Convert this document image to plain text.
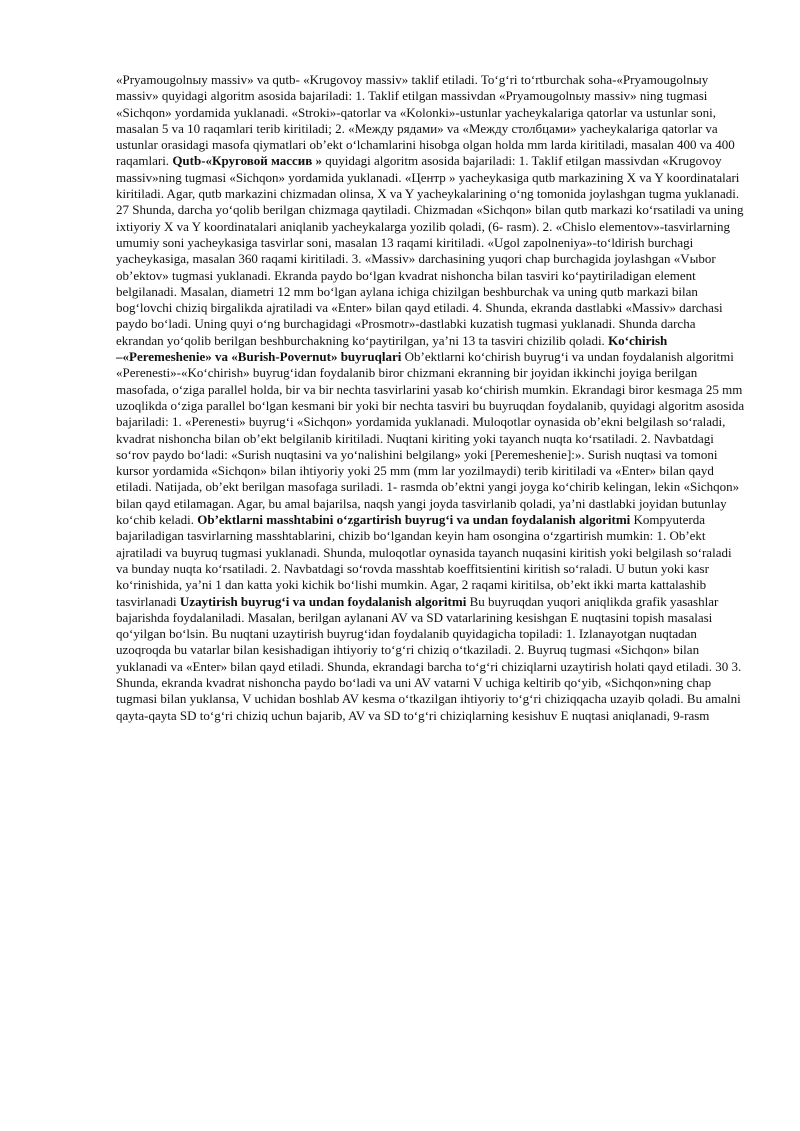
«Pryamougolnыy massiv» va qutb- «Krugovoy massiv» taklif etiladi. To‘g‘ri to‘rtburchak soha-«Pryamougolnыy massiv» quyidagi algoritm asosida bajariladi: 1. Taklif etilgan massivdan «Pryamougolnыy massiv» ning tugmasi «Sichqon» yordamida yuklanadi. «Stroki»-qatorlar va «Kolonki»-ustunlar yacheykalariga qatorlar va ustunlar soni, masalan 5 va 10 raqamlari terib kiritiladi; 2. «Между рядами» va «Между столбцами» yacheykalariga qatorlar va ustunlar orasidagi masofa qiymatlari ob’ekt o‘lchamlarini hisobga olgan holda mm larda kiritiladi, masalan 400 va 400 raqamlari. Qutb-«Круговой массив » quyidagi algoritm asosida bajariladi: 1. Taklif etilgan massivdan «Krugovoy massiv»ning tugmasi «Sichqon» yordamida yuklanadi. «Центр » yacheykasiga qutb markazining X va Y koordinatalari kiritiladi. Agar, qutb markazini chizmadan olinsa, X va Y yacheykalarining o‘ng tomonida joylashgan tugma yuklanadi. 27 Shunda, darcha yo‘qolib berilgan chizmaga qaytiladi. Chizmadan «Sichqon» bilan qutb markazi ko‘rsatiladi va uning ixtiyoriy X va Y koordinatalari aniqlanib yacheykalarga yozilib qoladi, (6- rasm). 2. «Chislo elementov»-tasvirlarning umumiy soni yacheykasiga tasvirlar soni, masalan 13 raqami kiritiladi. «Ugol zapolneniya»-to‘ldirish burchagi yacheykasiga, masalan 360 raqami kiritiladi. 3. «Massiv» darchasining yuqori chap burchagida joylashgan «Vыbor ob’ektov» tugmasi yuklanadi. Ekranda paydo bo‘lgan kvadrat nishoncha bilan tasviri ko‘paytiriladigan element belgilanadi. Masalan, diametri 12 mm bo‘lgan aylana ichiga chizilgan beshburchak va uning qutb markazi bilan bog‘lovchi chiziq birgalikda ajratiladi va «Enter» bilan qayd etiladi. 4. Shunda, ekranda dastlabki «Massiv» darchasi paydo bo‘ladi. Uning quyi o‘ng burchagidagi «Prosmotr»-dastlabki kuzatish tugmasi yuklanadi. Shunda darcha ekrandan yo‘qolib berilgan beshburchakning ko‘paytirilgan, ya’ni 13 ta tasviri chizilib qoladi. Ko‘chirish –«Peremeshenie» va «Burish-Povernut» buyruqlari Ob’ektlarni ko‘chirish buyrug‘i va undan foydalanish algoritmi «Perenesti»-«Ko‘chirish» buyrug‘idan foydalanib biror chizmani ekranning bir joyidan ikkinchi joyiga berilgan masofada, o‘ziga parallel holda, bir va bir nechta tasvirlarini yasab ko‘chirish mumkin. Ekrandagi biror kesmaga 25 mm uzoqlikda o‘ziga parallel bo‘lgan kesmani bir yoki bir nechta tasviri bu buyruqdan foydalanib, quyidagi algoritm asosida bajariladi: 1. «Perenesti» buyrug‘i «Sichqon» yordamida yuklanadi. Muloqotlar oynasida ob’ekni belgilash so‘raladi, kvadrat nishoncha bilan ob’ekt belgilanib kiritiladi. Nuqtani kiriting yoki tayanch nuqta ko‘rsatiladi. 2. Navbatdagi so‘rov paydo bo‘ladi: «Surish nuqtasini va yo‘nalishini belgilang» yoki [Peremeshenie]:». Surish nuqtasi va tomoni kursor yordamida «Sichqon» bilan ihtiyoriy yoki 25 mm (mm lar yozilmaydi) terib kiritiladi va «Enter» bilan qayd etiladi. Natijada, ob’ekt berilgan masofaga suriladi. 1- rasmda ob’ektni yangi joyga ko‘chirib kelingan, lekin «Sichqon» bilan qayd etilamagan. Agar, bu amal bajarilsa, naqsh yangi joyda tasvirlanib qoladi, ya’ni dastlabki joyidan butunlay ko‘chib keladi. Ob’ektlarni masshtabini o‘zgartirish buyrug‘i va undan foydalanish algoritmi Kompyuterda bajariladigan tasvirlarning masshtablarini, chizib bo‘lgandan keyin ham osongina o‘zgartirish mumkin: 1. Ob’ekt ajratiladi va buyruq tugmasi yuklanadi. Shunda, muloqotlar oynasida tayanch nuqasini kiritish yoki belgilash so‘raladi va bunday nuqta ko‘rsatiladi. 2. Navbatdagi so‘rovda masshtab koeffitsientini kiritish so‘raladi. U butun yoki kasr ko‘rinishida, ya’ni 1 dan katta yoki kichik bo‘lishi mumkin. Agar, 2 raqami kiritilsa, ob’ekt ikki marta kattalashib tasvirlanadi Uzaytirish buyrug‘i va undan foydalanish algoritmi Bu buyruqdan yuqori aniqlikda grafik yasashlar bajarishda foydalaniladi. Masalan, berilgan aylanani AV va SD vatarlarining kesishgan E nuqtasini topish masalasi qo‘yilgan bo‘lsin. Bu nuqtani uzaytirish buyrug‘idan foydalanib quyidagicha topiladi: 1. Izlanayotgan nuqtadan uzoqroqda bu vatarlar bilan kesishadigan ihtiyoriy to‘g‘ri chiziq o‘tkaziladi. 2. Buyruq tugmasi «Sichqon» bilan yuklanadi va «Enter» bilan qayd etiladi. Shunda, ekrandagi barcha to‘g‘ri chiziqlarni uzaytirish holati qayd etiladi. 30 3. Shunda, ekranda kvadrat nishoncha paydo bo‘ladi va uni AV vatarni V uchiga keltirib qo‘yib, «Sichqon»ning chap tugmasi bilan yuklansa, V uchidan boshlab AV kesma o‘tkazilgan ihtiyoriy to‘g‘ri chiziqqacha uzayib qoladi. Bu amalni qayta-qayta SD to‘g‘ri chiziq uchun bajarib, AV va SD to‘g‘ri chiziqlarning kesishuv E nuqtasi aniqlanadi, 9-rasm
